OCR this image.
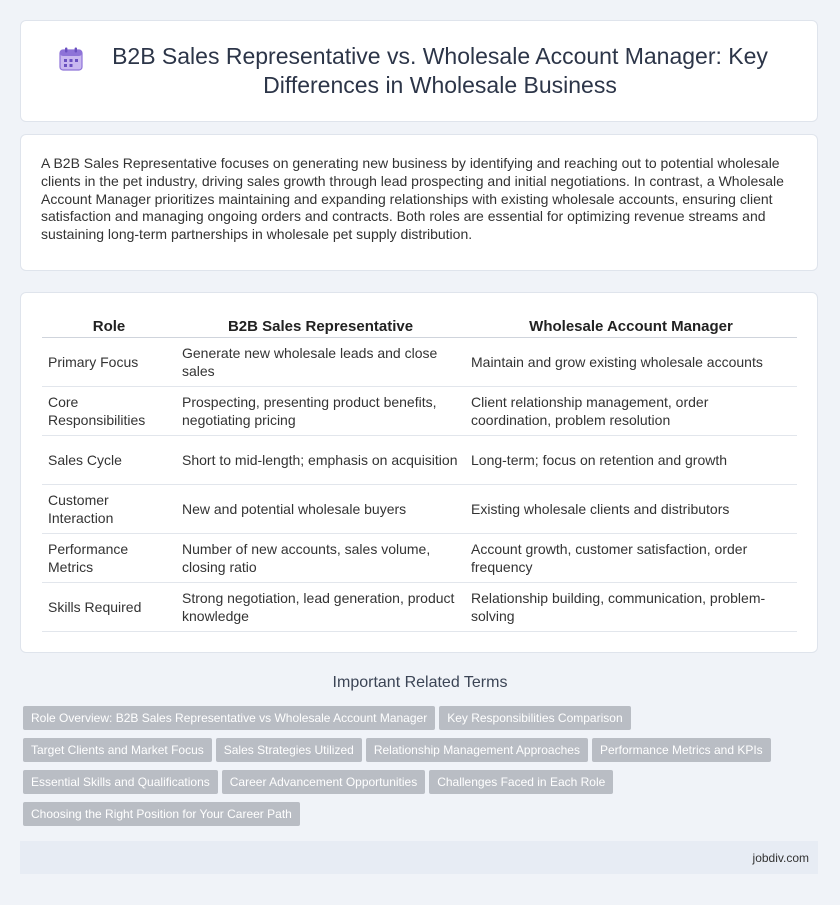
B2B Sales Representative vs. Wholesale Account Manager: Key Differences in Wholesale Business

A B2B Sales Representative focuses on generating new business by identifying and reaching out to potential wholesale clients in the pet industry, driving sales growth through lead prospecting and initial negotiations. In contrast, a Wholesale Account Manager prioritizes maintaining and expanding relationships with existing wholesale accounts, ensuring client satisfaction and managing ongoing orders and contracts. Both roles are essential for optimizing revenue streams and sustaining long-term partnerships in wholesale pet supply distribution.

Role	B2B Sales Representative	Wholesale Account Manager
Primary Focus	Generate new wholesale leads and close sales	Maintain and grow existing wholesale accounts
Core Responsibilities	Prospecting, presenting product benefits, negotiating pricing	Client relationship management, order coordination, problem resolution
Sales Cycle	Short to mid-length; emphasis on acquisition	Long-term; focus on retention and growth
Customer Interaction	New and potential wholesale buyers	Existing wholesale clients and distributors
Performance Metrics	Number of new accounts, sales volume, closing ratio	Account growth, customer satisfaction, order frequency
Skills Required	Strong negotiation, lead generation, product knowledge	Relationship building, communication, problem-solving
Important Related Terms
Role Overview: B2B Sales Representative vs Wholesale Account Manager Key Responsibilities Comparison
Target Clients and Market Focus Sales Strategies Utilized Relationship Management Approaches Performance Metrics and KPIs
Essential Skills and Qualifications Career Advancement Opportunities Challenges Faced in Each Role
Choosing the Right Position for Your Career Path
jobdiv.com
